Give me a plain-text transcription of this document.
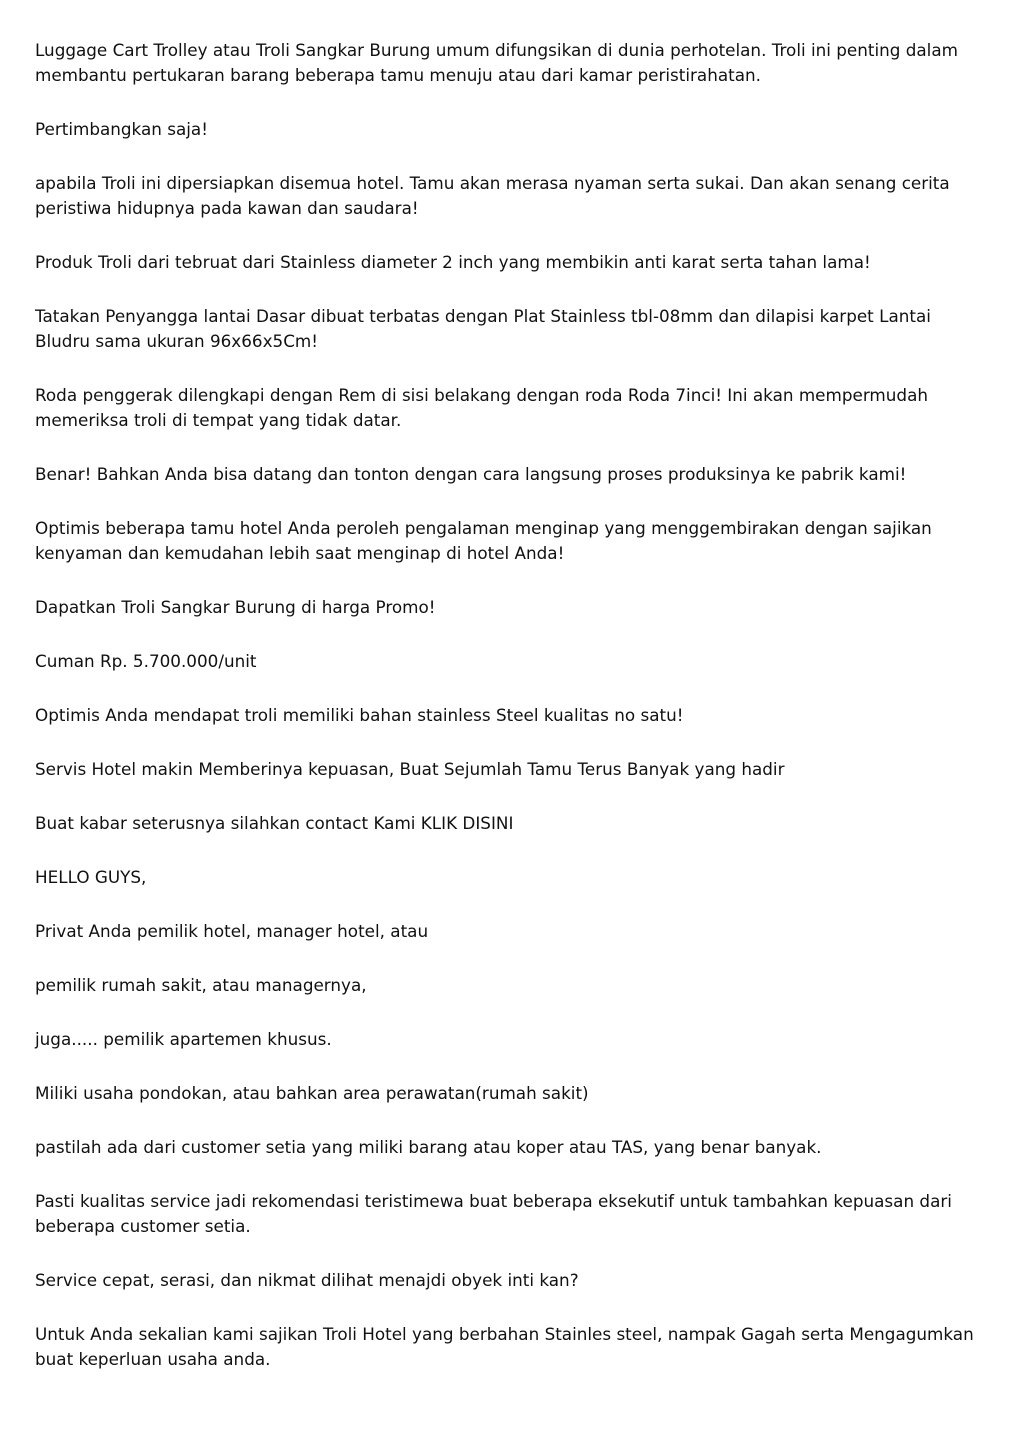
Luggage Cart Trolley atau Troli Sangkar Burung umum difungsikan di dunia perhotelan. Troli ini penting dalam membantu pertukaran barang beberapa tamu menuju atau dari kamar peristirahatan.

Pertimbangkan saja!

apabila Troli ini dipersiapkan disemua hotel. Tamu akan merasa nyaman serta sukai. Dan akan senang cerita peristiwa hidupnya pada kawan dan saudara!

Produk Troli dari tebruat dari Stainless diameter 2 inch yang membikin anti karat serta tahan lama!

Tatakan Penyangga lantai Dasar dibuat terbatas dengan Plat Stainless tbl-08mm dan dilapisi karpet Lantai Bludru sama ukuran 96x66x5Cm!

Roda penggerak dilengkapi dengan Rem di sisi belakang dengan roda Roda 7inci! Ini akan mempermudah memeriksa troli di tempat yang tidak datar.

Benar! Bahkan Anda bisa datang dan tonton dengan cara langsung proses produksinya ke pabrik kami!

Optimis beberapa tamu hotel Anda peroleh pengalaman menginap yang menggembirakan dengan sajikan kenyaman dan kemudahan lebih saat menginap di hotel Anda!

Dapatkan Troli Sangkar Burung di harga Promo!

Cuman Rp. 5.700.000/unit

Optimis Anda mendapat troli memiliki bahan stainless Steel kualitas no satu!

Servis Hotel makin Memberinya kepuasan, Buat Sejumlah Tamu Terus Banyak yang hadir

Buat kabar seterusnya silahkan contact Kami KLIK DISINI

HELLO GUYS,

Privat Anda pemilik hotel, manager hotel, atau

pemilik rumah sakit, atau managernya,

juga..... pemilik apartemen khusus.

Miliki usaha pondokan, atau bahkan area perawatan(rumah sakit)

pastilah ada dari customer setia yang miliki barang atau koper atau TAS, yang benar banyak.

Pasti kualitas service jadi rekomendasi teristimewa buat beberapa eksekutif untuk tambahkan kepuasan dari beberapa customer setia.

Service cepat, serasi, dan nikmat dilihat menajdi obyek inti kan?

Untuk Anda sekalian kami sajikan Troli Hotel yang berbahan Stainles steel, nampak Gagah serta Mengagumkan buat keperluan usaha anda.
